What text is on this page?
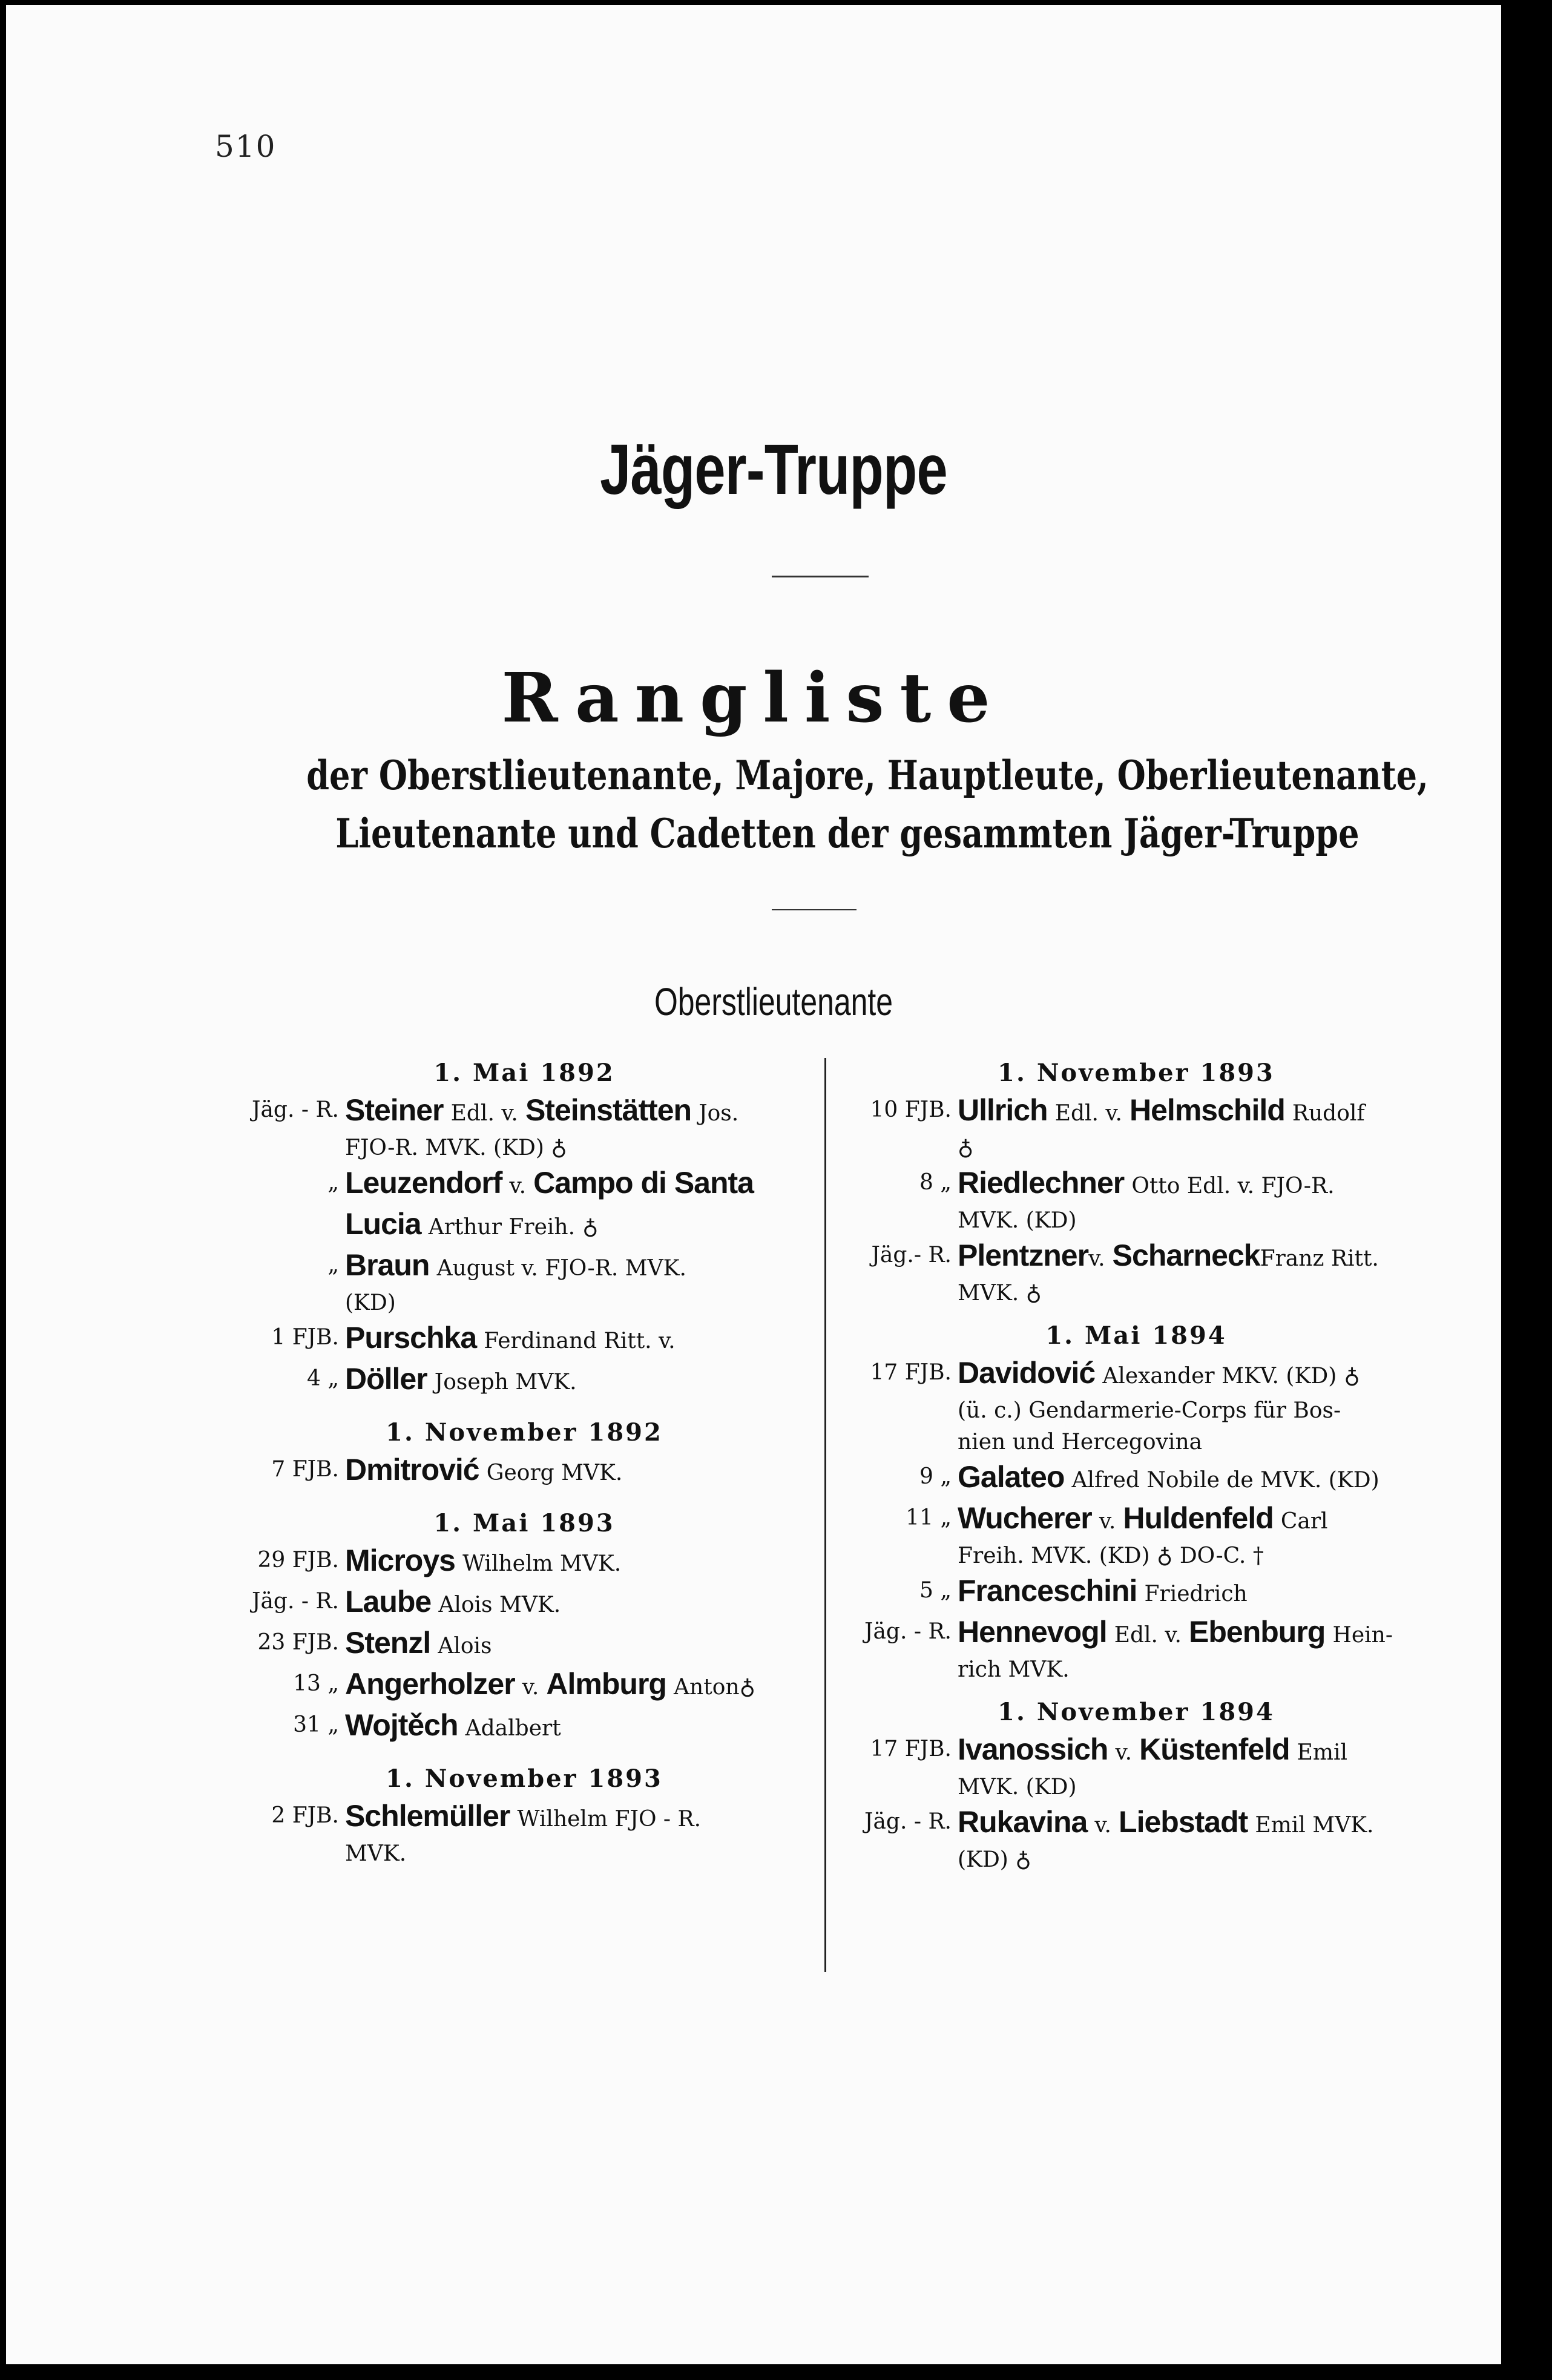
510
Jäger-Truppe
Rangliste
der Oberstlieutenante, Majore, Hauptleute, Oberlieutenante,
Lieutenante und Cadetten der gesammten Jäger-Truppe
Oberstlieutenante
1. Mai 1892
Jäg. - R. Steiner Edl. v. Steinstätten Jos.
FJO-R. MVK. (KD) ♁
„ Leuzendorf v. Campo di Santa
Lucia Arthur Freih. ♁
„ Braun August v. FJO-R. MVK.
(KD)
1 FJB. Purschka Ferdinand Ritt. v.
4 „ Döller Joseph MVK.
1. November 1892
7 FJB. Dmitrović Georg MVK.
1. Mai 1893
29 FJB. Microys Wilhelm MVK.
Jäg. - R. Laube Alois MVK.
23 FJB. Stenzl Alois
13 „ Angerholzer v. Almburg Anton♁
31 „ Wojtěch Adalbert
1. November 1893
2 FJB. Schlemüller Wilhelm FJO - R.
MVK.
1. November 1893
10 FJB. Ullrich Edl. v. Helmschild Rudolf
♁
8 „ Riedlechner Otto Edl. v. FJO-R.
MVK. (KD)
Jäg.- R. Plentznerv. ScharneckFranz Ritt.
MVK. ♁
1. Mai 1894
17 FJB. Davidović Alexander MKV. (KD) ♁
(ü. c.) Gendarmerie-Corps für Bos-
nien und Hercegovina
9 „ Galateo Alfred Nobile de MVK. (KD)
11 „ Wucherer v. Huldenfeld Carl
Freih. MVK. (KD) ♁ DO-C. †
5 „ Franceschini Friedrich
Jäg. - R. Hennevogl Edl. v. Ebenburg Hein-
rich MVK.
1. November 1894
17 FJB. Ivanossich v. Küstenfeld Emil
MVK. (KD)
Jäg. - R. Rukavina v. Liebstadt Emil MVK.
(KD) ♁
